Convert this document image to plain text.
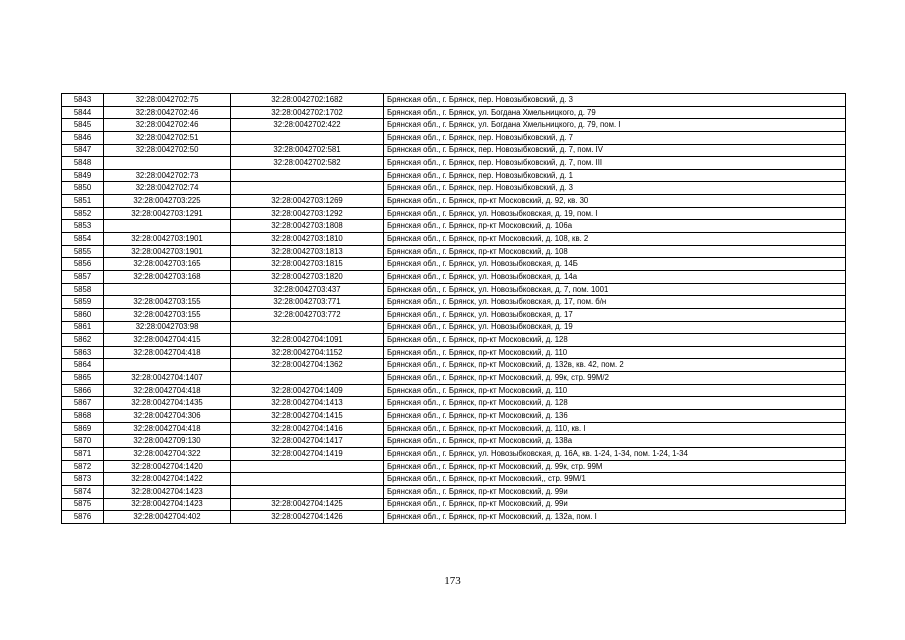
5843	32:28:0042702:75	32:28:0042702:1682	Брянская обл., г. Брянск, пер. Новозыбковский, д. 3
5844	32:28:0042702:46	32:28:0042702:1702	Брянская обл., г. Брянск, ул. Богдана Хмельницкого, д. 79
5845	32:28:0042702:46	32:28:0042702:422	Брянская обл., г. Брянск, ул. Богдана Хмельницкого, д. 79, пом. I
5846	32:28:0042702:51		Брянская обл., г. Брянск, пер. Новозыбковский, д. 7
5847	32:28:0042702:50	32:28:0042702:581	Брянская обл., г. Брянск, пер. Новозыбковский, д. 7, пом. IV
5848		32:28:0042702:582	Брянская обл., г. Брянск, пер. Новозыбковский, д. 7, пом. III
5849	32:28:0042702:73		Брянская обл., г. Брянск, пер. Новозыбковский, д. 1
5850	32:28:0042702:74		Брянская обл., г. Брянск, пер. Новозыбковский, д. 3
5851	32:28:0042703:225	32:28:0042703:1269	Брянская обл., г. Брянск, пр-кт Московский, д. 92, кв. 30
5852	32:28:0042703:1291	32:28:0042703:1292	Брянская обл., г. Брянск, ул. Новозыбковская, д. 19, пом. I
5853		32:28:0042703:1808	Брянская обл., г. Брянск, пр-кт Московский, д. 106а
5854	32:28:0042703:1901	32:28:0042703:1810	Брянская обл., г. Брянск, пр-кт Московский, д. 108, кв. 2
5855	32:28:0042703:1901	32:28:0042703:1813	Брянская обл., г. Брянск, пр-кт Московский, д. 108
5856	32:28:0042703:165	32:28:0042703:1815	Брянская обл., г. Брянск, ул. Новозыбковская, д. 14Б
5857	32:28:0042703:168	32:28:0042703:1820	Брянская обл., г. Брянск, ул. Новозыбковская, д. 14а
5858		32:28:0042703:437	Брянская обл., г. Брянск, ул. Новозыбковская, д. 7, пом. 1001
5859	32:28:0042703:155	32:28:0042703:771	Брянская обл., г. Брянск, ул. Новозыбковская, д. 17, пом. б/н
5860	32:28:0042703:155	32:28:0042703:772	Брянская обл., г. Брянск, ул. Новозыбковская, д. 17
5861	32:28:0042703:98		Брянская обл., г. Брянск, ул. Новозыбковская, д. 19
5862	32:28:0042704:415	32:28:0042704:1091	Брянская обл., г. Брянск, пр-кт Московский, д. 128
5863	32:28:0042704:418	32:28:0042704:1152	Брянская обл., г. Брянск, пр-кт Московский, д. 110
5864		32:28:0042704:1362	Брянская обл., г. Брянск, пр-кт Московский, д. 132в, кв. 42, пом. 2
5865	32:28:0042704:1407		Брянская обл., г. Брянск, пр-кт Московский, д. 99к, стр. 99М/2
5866	32:28:0042704:418	32:28:0042704:1409	Брянская обл., г. Брянск, пр-кт Московский, д. 110
5867	32:28:0042704:1435	32:28:0042704:1413	Брянская обл., г. Брянск, пр-кт Московский, д. 128
5868	32:28:0042704:306	32:28:0042704:1415	Брянская обл., г. Брянск, пр-кт Московский, д. 136
5869	32:28:0042704:418	32:28:0042704:1416	Брянская обл., г. Брянск, пр-кт Московский, д. 110, кв. I
5870	32:28:0042709:130	32:28:0042704:1417	Брянская обл., г. Брянск, пр-кт Московский, д. 138а
5871	32:28:0042704:322	32:28:0042704:1419	Брянская обл., г. Брянск, ул. Новозыбковская, д. 16А, кв. 1-24, 1-34, пом. 1-24, 1-34
5872	32:28:0042704:1420		Брянская обл., г. Брянск, пр-кт Московский, д. 99к, стр. 99М
5873	32:28:0042704:1422		Брянская обл., г. Брянск, пр-кт Московский,, стр. 99М/1
5874	32:28:0042704:1423		Брянская обл., г. Брянск, пр-кт Московский, д. 99и
5875	32:28:0042704:1423	32:28:0042704:1425	Брянская обл., г. Брянск, пр-кт Московский, д. 99и
5876	32:28:0042704:402	32:28:0042704:1426	Брянская обл., г. Брянск, пр-кт Московский, д. 132а, пом. I
173
